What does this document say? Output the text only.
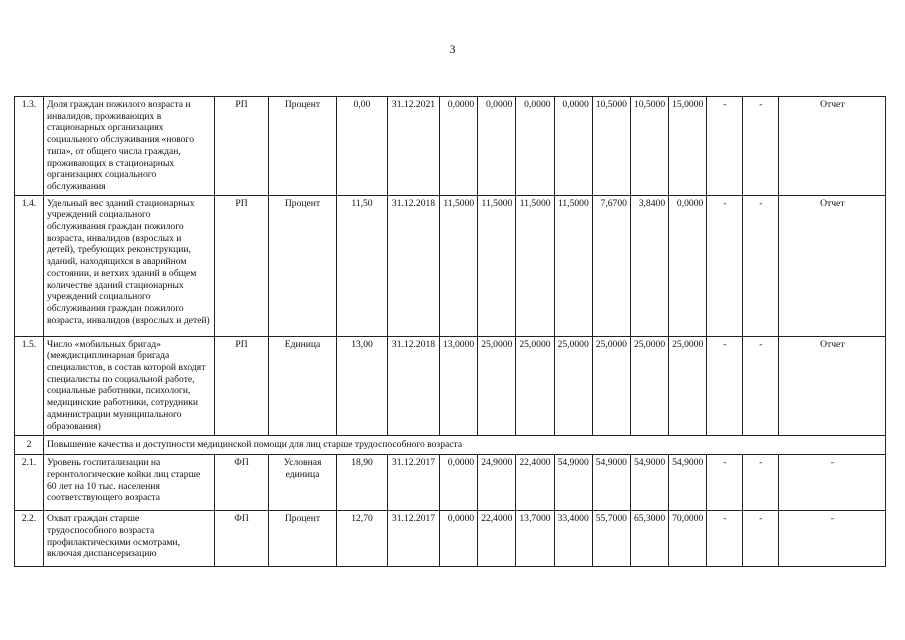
3
1.3.	Доля граждан пожилого возраста и инвалидов, проживающих в стационарных организациях социального обслуживания «нового типа», от общего числа граждан, проживающих в стационарных организациях социального обслуживания	РП	Процент	0,00	31.12.2021	0,0000	0,0000	0,0000	0,0000	10,5000	10,5000	15,0000	-	-	Отчет
1.4.	Удельный вес зданий стационарных учреждений социального обслуживания граждан пожилого возраста, инвалидов (взрослых и детей), требующих реконструкции, зданий, находящихся в аварийном состоянии, и ветхих зданий в общем количестве зданий стационарных учреждений социального обслуживания граждан пожилого возраста, инвалидов (взрослых и детей)	РП	Процент	11,50	31.12.2018	11,5000	11,5000	11,5000	11,5000	7,6700	3,8400	0,0000	-	-	Отчет
1.5.	Число «мобильных бригад» (междисциплинарная бригада специалистов, в состав которой входят специалисты по социальной работе, социальные работники, психологи, медицинские работники, сотрудники администрации муниципального образования)	РП	Единица	13,00	31.12.2018	13,0000	25,0000	25,0000	25,0000	25,0000	25,0000	25,0000	-	-	Отчет
2	Повышение качества и доступности медицинской помощи для лиц старше трудоспособного возраста														
2.1.	Уровень госпитализации на геронтологические койки лиц старше 60 лет на 10 тыс. населения соответствующего возраста	ФП	Условная единица	18,90	31.12.2017	0,0000	24,9000	22,4000	54,9000	54,9000	54,9000	54,9000	-	-	-
2.2.	Охват граждан старше трудоспособного возраста профилактическими осмотрами, включая диспансеризацию	ФП	Процент	12,70	31.12.2017	0,0000	22,4000	13,7000	33,4000	55,7000	65,3000	70,0000	-	-	-
